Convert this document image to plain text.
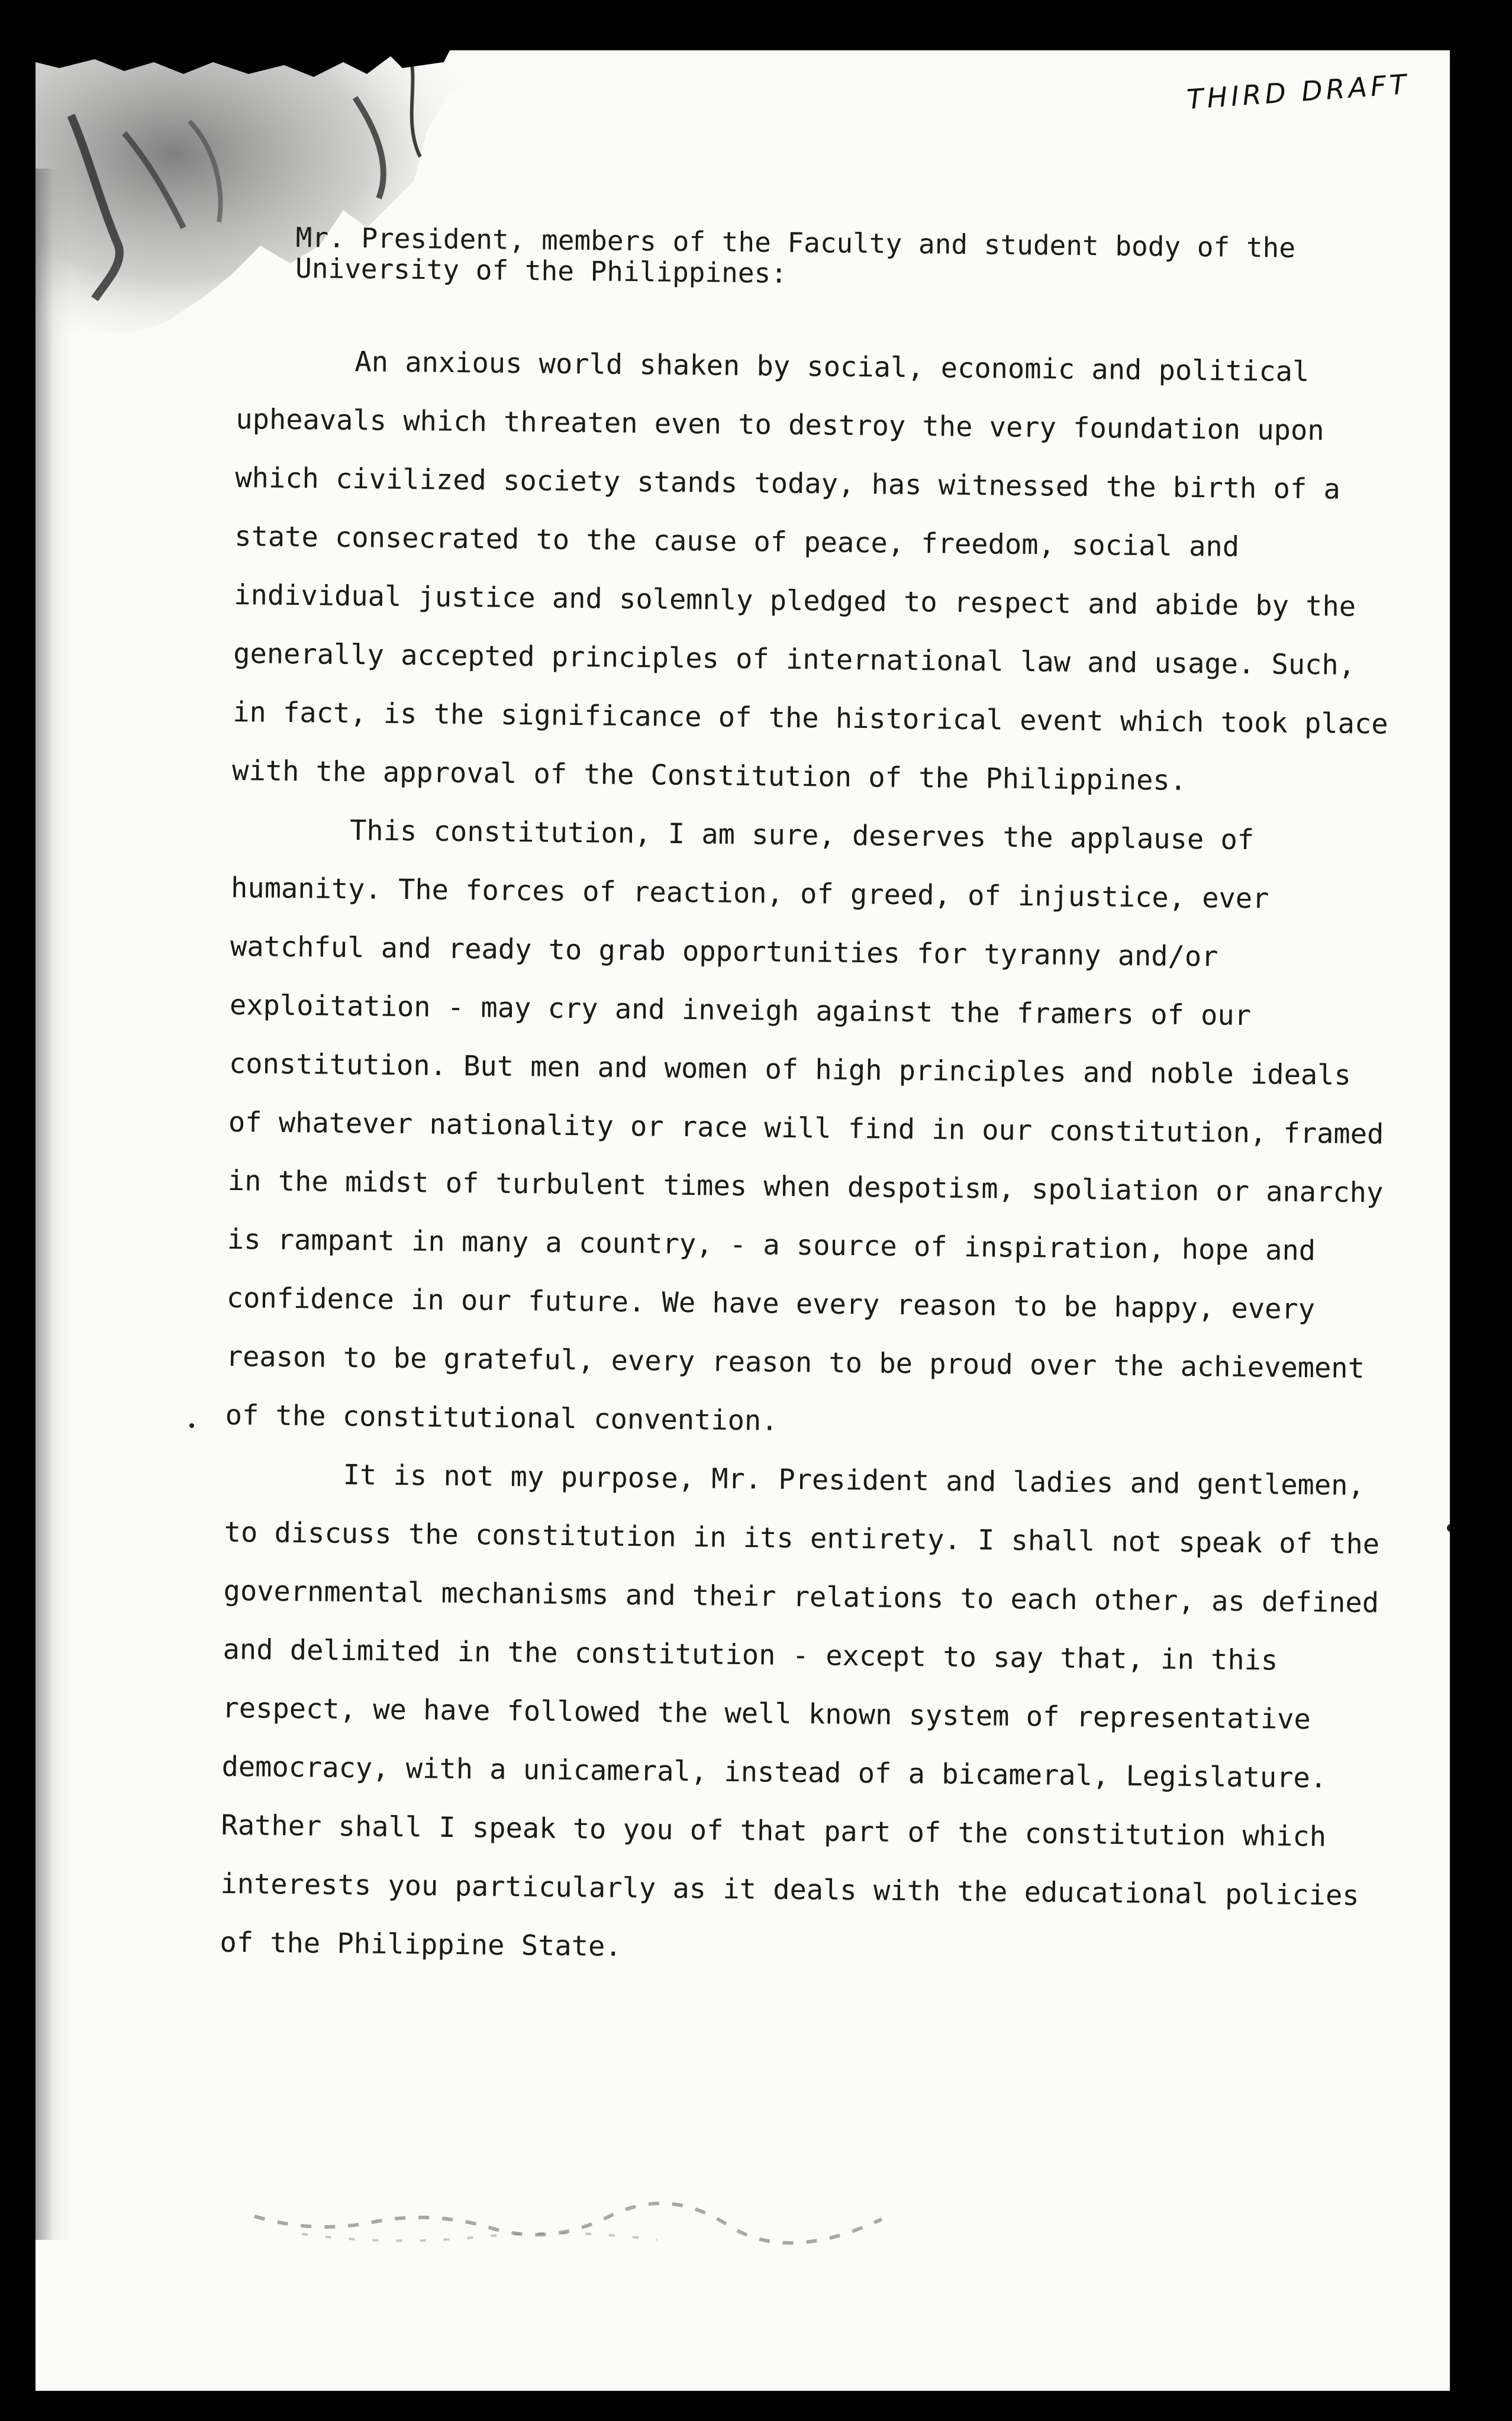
THIRD DRAFT
Mr. President, members of the Faculty and student body of the University of the Philippines:

An anxious world shaken by social, economic and political upheavals which threaten even to destroy the very foundation upon which civilized society stands today, has witnessed the birth of a state consecrated to the cause of peace, freedom, social and individual justice and solemnly pledged to respect and abide by the generally accepted principles of international law and usage. Such, in fact, is the significance of the historical event which took place with the approval of the Constitution of the Philippines.

This constitution, I am sure, deserves the applause of humanity. The forces of reaction, of greed, of injustice, ever watchful and ready to grab opportunities for tyranny and/or exploitation - may cry and inveigh against the framers of our constitution. But men and women of high principles and noble ideals of whatever nationality or race will find in our constitution, framed in the midst of turbulent times when despotism, spoliation or anarchy is rampant in many a country, - a source of inspiration, hope and confidence in our future. We have every reason to be happy, every reason to be grateful, every reason to be proud over the achievement of the constitutional convention.

It is not my purpose, Mr. President and ladies and gentlemen, to discuss the constitution in its entirety. I shall not speak of the governmental mechanisms and their relations to each other, as defined and delimited in the constitution - except to say that, in this respect, we have followed the well known system of representative democracy, with a unicameral, instead of a bicameral, Legislature. Rather shall I speak to you of that part of the constitution which interests you particularly as it deals with the educational policies of the Philippine State.
